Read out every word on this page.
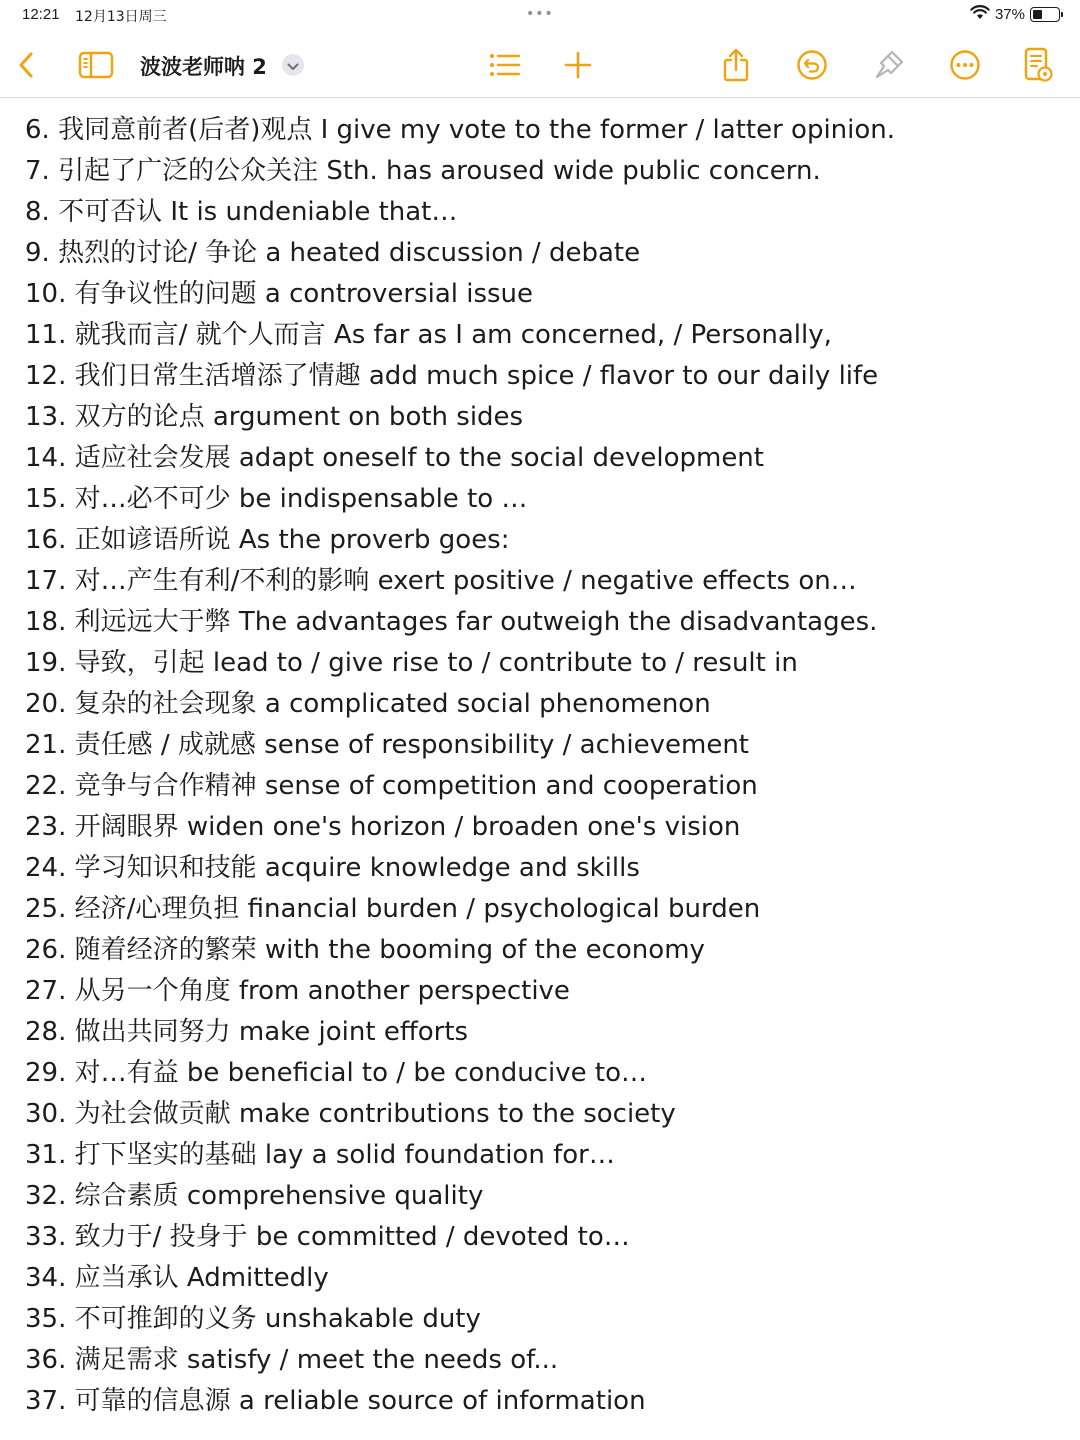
12:21 12月13日周三	•••	37%
波波老师呐 2
6. 我同意前者(后者)观点 I give my vote to the former / latter opinion.
7. 引起了广泛的公众关注 Sth. has aroused wide public concern.
8. 不可否认 It is undeniable that…
9. 热烈的讨论/ 争论 a heated discussion / debate
10. 有争议性的问题 a controversial issue
11. 就我而言/ 就个人而言 As far as I am concerned, / Personally,
12. 我们日常生活增添了情趣 add much spice / flavor to our daily life
13. 双方的论点 argument on both sides
14. 适应社会发展 adapt oneself to the social development
15. 对…必不可少 be indispensable to …
16. 正如谚语所说 As the proverb goes:
17. 对…产生有利/不利的影响 exert positive / negative effects on…
18. 利远远大于弊 The advantages far outweigh the disadvantages.
19. 导致，引起 lead to / give rise to / contribute to / result in
20. 复杂的社会现象 a complicated social phenomenon
21. 责任感 / 成就感 sense of responsibility / achievement
22. 竞争与合作精神 sense of competition and cooperation
23. 开阔眼界 widen one's horizon / broaden one's vision
24. 学习知识和技能 acquire knowledge and skills
25. 经济/心理负担 financial burden / psychological burden
26. 随着经济的繁荣 with the booming of the economy
27. 从另一个角度 from another perspective
28. 做出共同努力 make joint efforts
29. 对…有益 be beneficial to / be conducive to…
30. 为社会做贡献 make contributions to the society
31. 打下坚实的基础 lay a solid foundation for…
32. 综合素质 comprehensive quality
33. 致力于/ 投身于 be committed / devoted to…
34. 应当承认 Admittedly
35. 不可推卸的义务 unshakable duty
36. 满足需求 satisfy / meet the needs of...
37. 可靠的信息源 a reliable source of information
